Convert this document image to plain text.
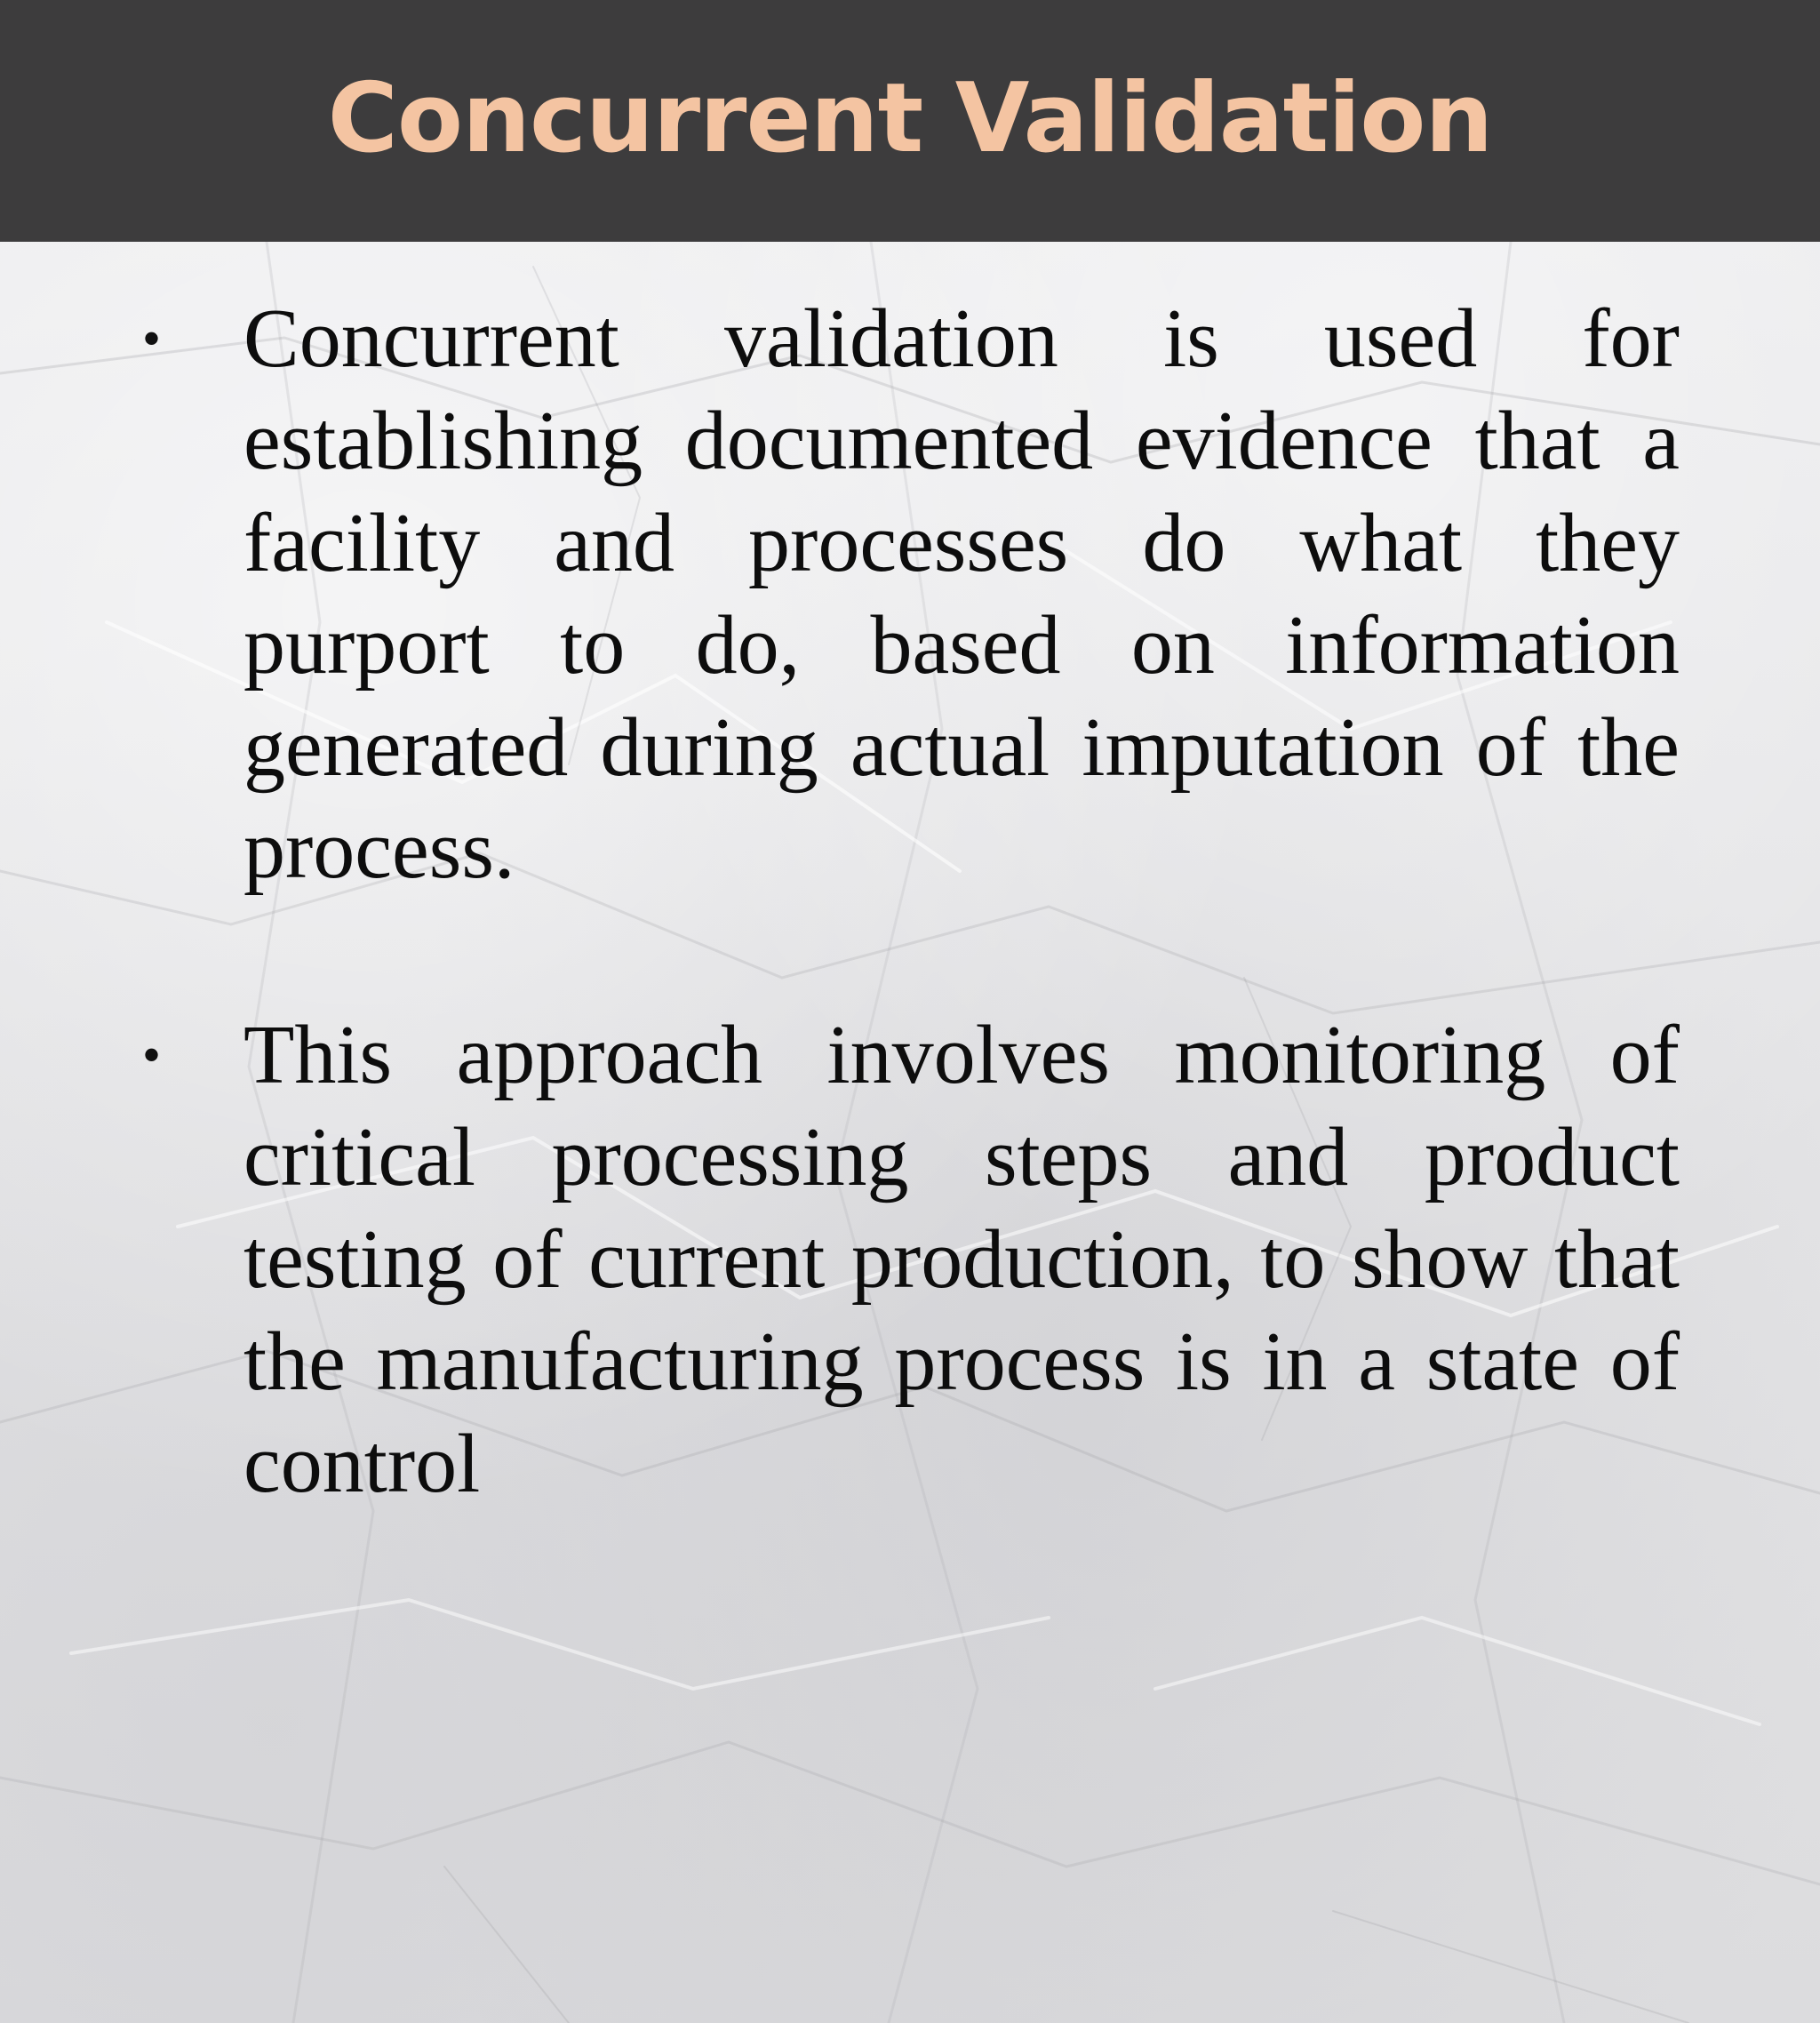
Concurrent Validation
• Concurrent validation is used for establishing documented evidence that a facility and processes do what they purport to do, based on information generated during actual imputation of the process.

• This approach involves monitoring of critical processing steps and product testing of current production, to show that the manufacturing process is in a state of control
